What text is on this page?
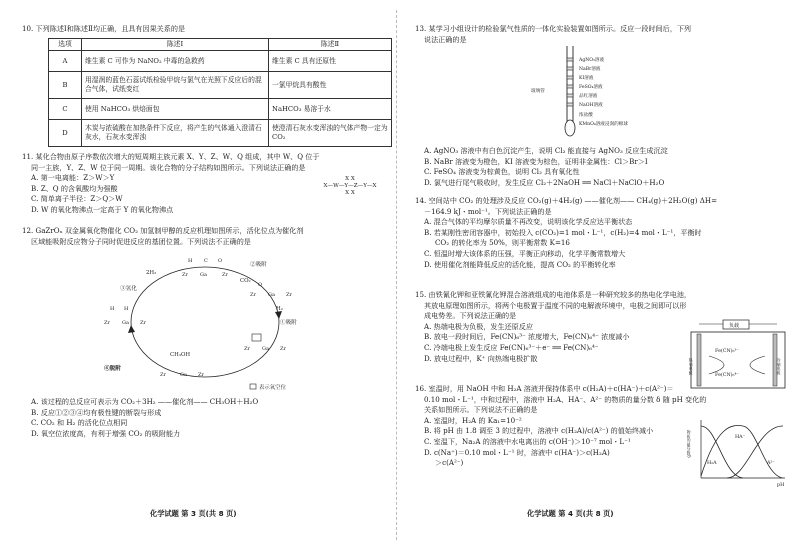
10. 下列陈述Ⅰ和陈述Ⅱ均正确，且具有因果关系的是
选项	陈述Ⅰ	陈述Ⅱ
A	维生素 C 可作为 NaNO₂ 中毒的急救药	维生素 C 具有还原性
B	用湿润的蓝色石蕊试纸检验甲烷与氯气在光照下反应后的混合气体，试纸变红	一氯甲烷具有酸性
C	使用 NaHCO₃ 烘焙面包	NaHCO₃ 易溶于水
D	木炭与浓硫酸在加热条件下反应，将产生的气体通入澄清石灰水，石灰水变浑浊	使澄清石灰水变浑浊的气体产物一定为 CO₂
11. 某化合物由原子序数依次增大的短周期主族元素 X、Y、Z、W、Q 组成，其中 W、Q 位于
同一主族，Y、Z、W 位于同一周期。该化合物的分子结构如图所示。下列说法正确的是
A. 第一电离能：Z＞W＞Y
B. Z、Q 的含氧酸均为强酸
C. 简单离子半径：Z＞Q＞W
D. W 的氧化物沸点一定高于 Y 的氧化物沸点
X X
X—W—Y—Z—Y—X
X X
12. GaZrOₓ 双金属氧化物催化 CO₂ 加氢制甲醇的反应机理如图所示，活化位点为催化剂
区域能吸附反应物分子同时促进反应的基团位置。下列说法不正确的是
H C O
Zr Ga	Zr
O
Zr Ga Zr
H H
Zr Ga Zr
Zr Ga Zr
Zr	Ga Zr
③氢化
②吸附
①吸附
④脱附
2H₂
CH₃OH
CO₂
H₂
表示氧空位
A. 该过程的总反应可表示为 CO₂＋3H₂ ——催化剂—— CH₃OH＋H₂O
B. 反应①②③④均有极性键的断裂与形成
C. CO₂ 和 H₂ 的活化位点相同
D. 氧空位浓度高，有利于增强 CO₂ 的吸附能力
化学试题 第 3 页(共 8 页)
13. 某学习小组设计的检验氯气性质的一体化实验装置如图所示。反应一段时间后，下列
说法正确的是
AgNO₃溶液
NaBr溶液
KI溶液
FeSO₄溶液
品红溶液
NaOH溶液
浓盐酸
KMnO₄溶液浸润的棉球
玻璃管
A. AgNO₃ 溶液中有白色沉淀产生，说明 Cl₂ 能直接与 AgNO₃ 反应生成沉淀
B. NaBr 溶液变为橙色，KI 溶液变为棕色，证明非金属性：Cl＞Br＞I
C. FeSO₄ 溶液变为棕黄色，说明 Cl₂ 具有氧化性
D. 氯气进行尾气吸收时，发生反应 Cl₂＋2NaOH ══ NaCl＋NaClO＋H₂O
14. 空间站中 CO₂ 的处理涉及反应 CO₂(g)＋4H₂(g) ——催化剂—— CH₄(g)＋2H₂O(g) ΔH=
－164.9 kJ・mol⁻¹。下列说法正确的是
A. 混合气体的平均摩尔质量不再改变，说明该化学反应达平衡状态
B. 若某刚性密闭容器中，初始投入 c(CO₂)=1 mol・L⁻¹，c(H₂)=4 mol・L⁻¹，平衡时
CO₂ 的转化率为 50%，则平衡常数 K=16
C. 恒温时增大该体系的压强，平衡正向移动，化学平衡常数增大
D. 使用催化剂能降低反应的活化能，提高 CO₂ 的平衡转化率
15. 由铁氰化钾和亚铁氰化钾混合溶液组成的电池体系是一种研究较多的热电化学电池，
其放电原理如图所示，将两个电极置于温度不同的电解液环境中，电极之间即可以形
成电势差。下列说法正确的是
A. 热端电极为负极，发生还原反应
B. 放电一段时间后，Fe(CN)₆³⁻ 浓度增大，Fe(CN)₆⁴⁻ 浓度减小
C. 冷端电极上发生反应 Fe(CN)₆³⁻＋e⁻ ══ Fe(CN)₆⁴⁻
D. 放电过程中，K⁺ 向热端电极扩散
负载
热端电极	冷端电极
Fe(CN)₆³⁻
Fe(CN)₆⁴⁻
16. 室温时，用 NaOH 中和 H₂A 溶液并保持体系中 c(H₂A)＋c(HA⁻)＋c(A²⁻)＝
0.10 mol・L⁻¹，中和过程中，溶液中 H₂A、HA⁻、A²⁻ 的物质的量分数 δ 随 pH 变化的
关系如图所示。下列说法不正确的是
A. 室温时，H₂A 的 Ka₁=10⁻²
B. 将 pH 由 1.8 调至 3 的过程中，溶液中 c(H₂A)/c(A²⁻) 的值始终减小
C. 室温下，Na₂A 的溶液中水电离出的 c(OH⁻)＞10⁻⁷ mol・L⁻¹
D. c(Na⁺)＝0.10 mol・L⁻¹ 时，溶液中 c(HA⁻)＞c(H₂A)
＞c(A²⁻)	H₂A
HA⁻
A²⁻
pH
物质的量分数δ
化学试题 第 4 页(共 8 页)
